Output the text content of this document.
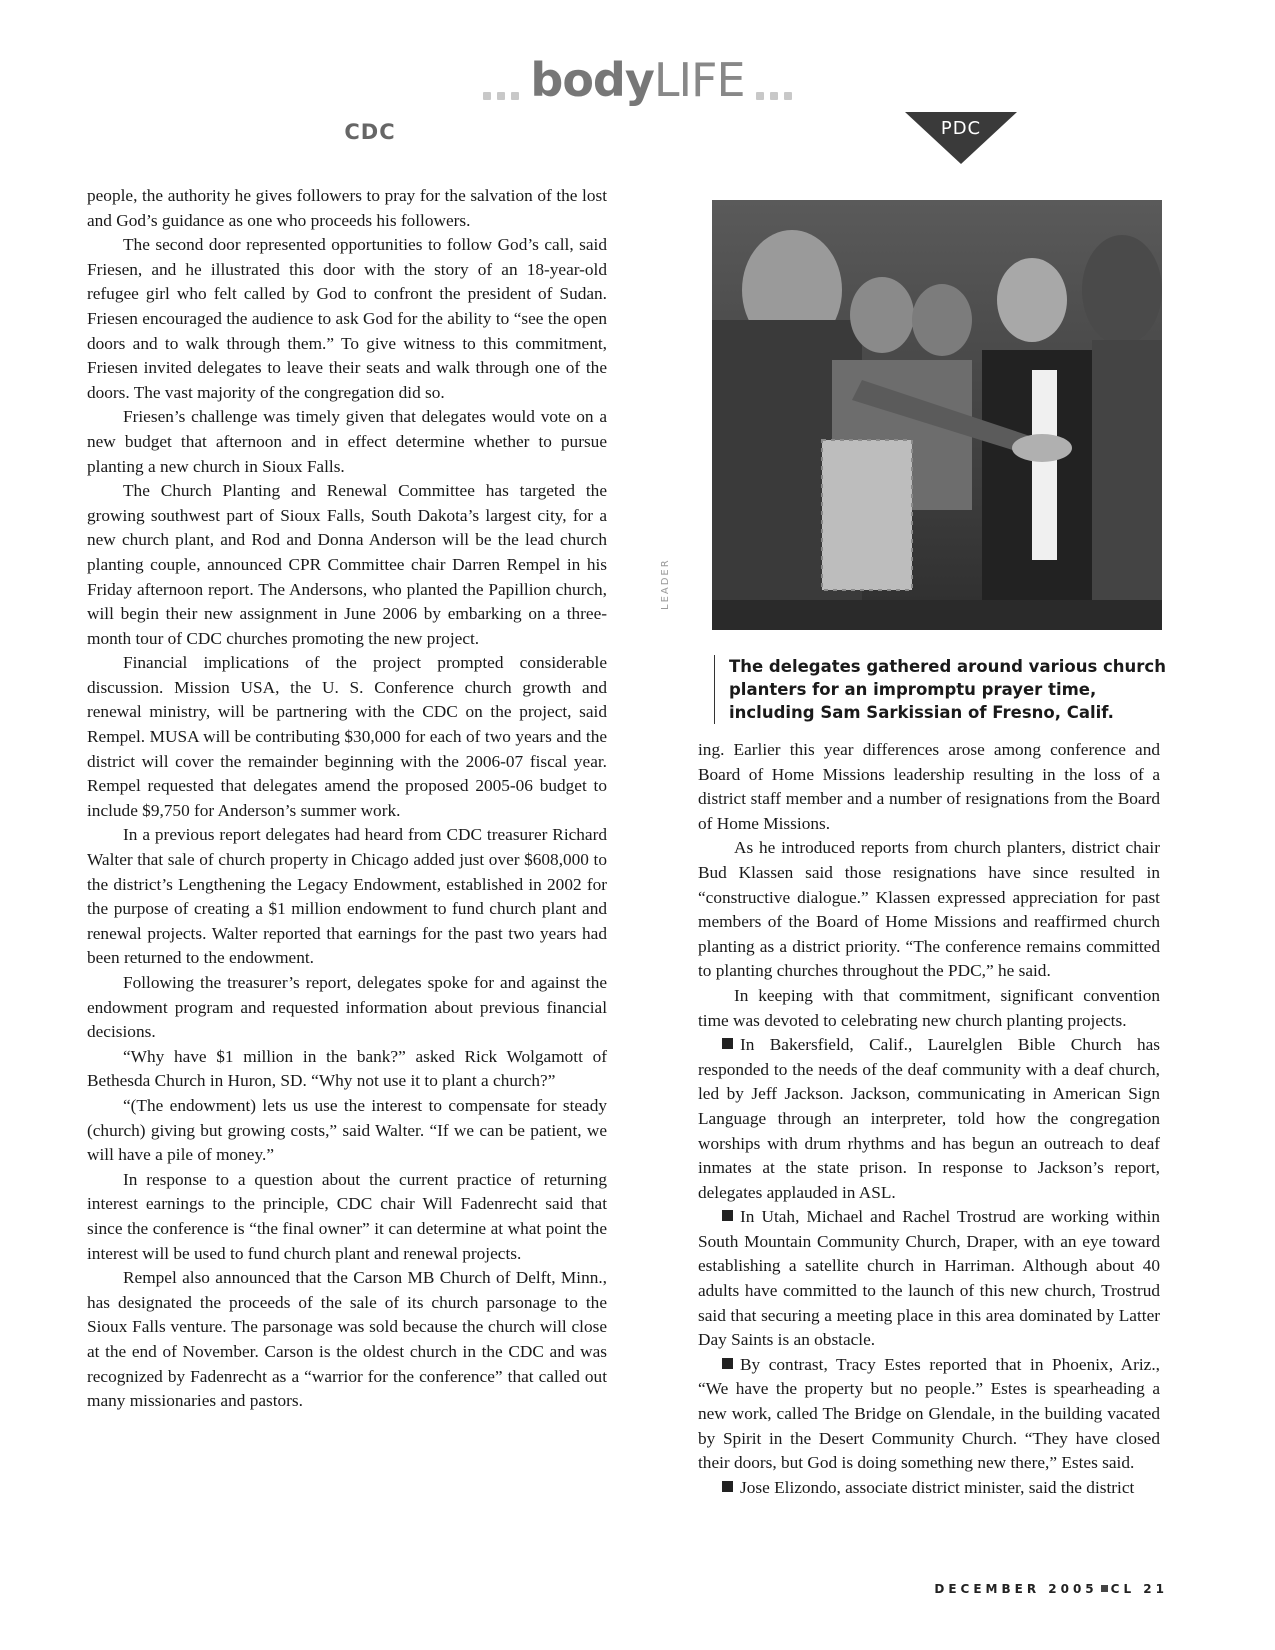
bodyLIFE
CDC	PDC

people, the authority he gives followers to pray for the salvation of the lost and God’s guidance as one who proceeds his followers.

The second door represented opportunities to follow God’s call, said Friesen, and he illustrated this door with the story of an 18-year-old refugee girl who felt called by God to confront the president of Sudan. Friesen encouraged the audience to ask God for the ability to “see the open doors and to walk through them.” To give witness to this commitment, Friesen invited delegates to leave their seats and walk through one of the doors. The vast majority of the congregation did so.

Friesen’s challenge was timely given that delegates would vote on a new budget that afternoon and in effect determine whether to pursue planting a new church in Sioux Falls.

The Church Planting and Renewal Committee has targeted the growing southwest part of Sioux Falls, South Dakota’s largest city, for a new church plant, and Rod and Donna Anderson will be the lead church planting couple, announced CPR Committee chair Darren Rempel in his Friday afternoon report. The Andersons, who planted the Papillion church, will begin their new assignment in June 2006 by embarking on a three-month tour of CDC churches promoting the new project.

Financial implications of the project prompted considerable discussion. Mission USA, the U. S. Conference church growth and renewal ministry, will be partnering with the CDC on the project, said Rempel. MUSA will be contributing $30,000 for each of two years and the district will cover the remainder beginning with the 2006-07 fiscal year. Rempel requested that delegates amend the proposed 2005-06 budget to include $9,750 for Anderson’s summer work.

In a previous report delegates had heard from CDC treasurer Richard Walter that sale of church property in Chicago added just over $608,000 to the district’s Lengthening the Legacy Endowment, established in 2002 for the purpose of creating a $1 million endowment to fund church plant and renewal projects. Walter reported that earnings for the past two years had been returned to the endowment.

Following the treasurer’s report, delegates spoke for and against the endowment program and requested information about previous financial decisions.

“Why have $1 million in the bank?” asked Rick Wolgamott of Bethesda Church in Huron, SD. “Why not use it to plant a church?”

“(The endowment) lets us use the interest to compensate for steady (church) giving but growing costs,” said Walter. “If we can be patient, we will have a pile of money.”

In response to a question about the current practice of returning interest earnings to the principle, CDC chair Will Fadenrecht said that since the conference is “the final owner” it can determine at what point the interest will be used to fund church plant and renewal projects.

Rempel also announced that the Carson MB Church of Delft, Minn., has designated the proceeds of the sale of its church parsonage to the Sioux Falls venture. The parsonage was sold because the church will close at the end of November. Carson is the oldest church in the CDC and was recognized by Fadenrecht as a “warrior for the conference” that called out many missionaries and pastors.

LEADER
The delegates gathered around various church planters for an impromptu prayer time, including Sam Sarkissian of Fresno, Calif.

ing. Earlier this year differences arose among conference and Board of Home Missions leadership resulting in the loss of a district staff member and a number of resignations from the Board of Home Missions.

As he introduced reports from church planters, district chair Bud Klassen said those resignations have since resulted in “constructive dialogue.” Klassen expressed appreciation for past members of the Board of Home Missions and reaffirmed church planting as a district priority. “The conference remains committed to planting churches throughout the PDC,” he said.

In keeping with that commitment, significant convention time was devoted to celebrating new church planting projects.

In Bakersfield, Calif., Laurelglen Bible Church has responded to the needs of the deaf community with a deaf church, led by Jeff Jackson. Jackson, communicating in American Sign Language through an interpreter, told how the congregation worships with drum rhythms and has begun an outreach to deaf inmates at the state prison. In response to Jackson’s report, delegates applauded in ASL.

In Utah, Michael and Rachel Trostrud are working within South Mountain Community Church, Draper, with an eye toward establishing a satellite church in Harriman. Although about 40 adults have committed to the launch of this new church, Trostrud said that securing a meeting place in this area dominated by Latter Day Saints is an obstacle.

By contrast, Tracy Estes reported that in Phoenix, Ariz., “We have the property but no people.” Estes is spearheading a new work, called The Bridge on Glendale, in the building vacated by Spirit in the Desert Community Church. “They have closed their doors, but God is doing something new there,” Estes said.

Jose Elizondo, associate district minister, said the district

DECEMBER 2005 CL 21
